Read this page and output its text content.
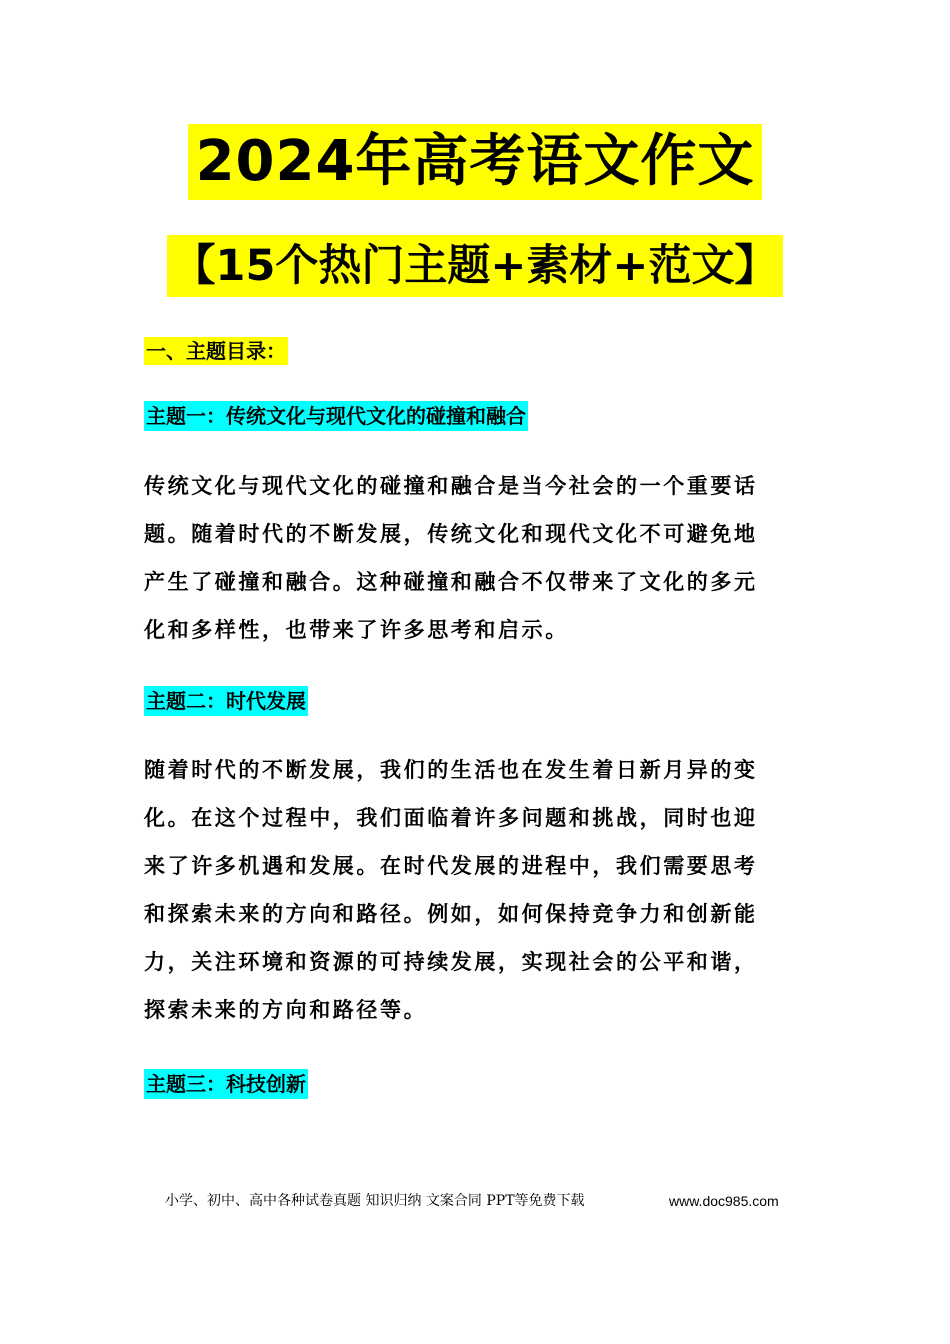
2024年高考语文作文
【15个热门主题+素材+范文】
一、主题目录：
主题一：传统文化与现代文化的碰撞和融合
传统文化与现代文化的碰撞和融合是当今社会的一个重要话
题。随着时代的不断发展，传统文化和现代文化不可避免地
产生了碰撞和融合。这种碰撞和融合不仅带来了文化的多元
化和多样性，也带来了许多思考和启示。
主题二：时代发展
随着时代的不断发展，我们的生活也在发生着日新月异的变
化。在这个过程中，我们面临着许多问题和挑战，同时也迎
来了许多机遇和发展。在时代发展的进程中，我们需要思考
和探索未来的方向和路径。例如，如何保持竞争力和创新能
力，关注环境和资源的可持续发展，实现社会的公平和谐，
探索未来的方向和路径等。
主题三：科技创新
小学、初中、高中各种试卷真题 知识归纳 文案合同 PPT等免费下载	www.doc985.com
